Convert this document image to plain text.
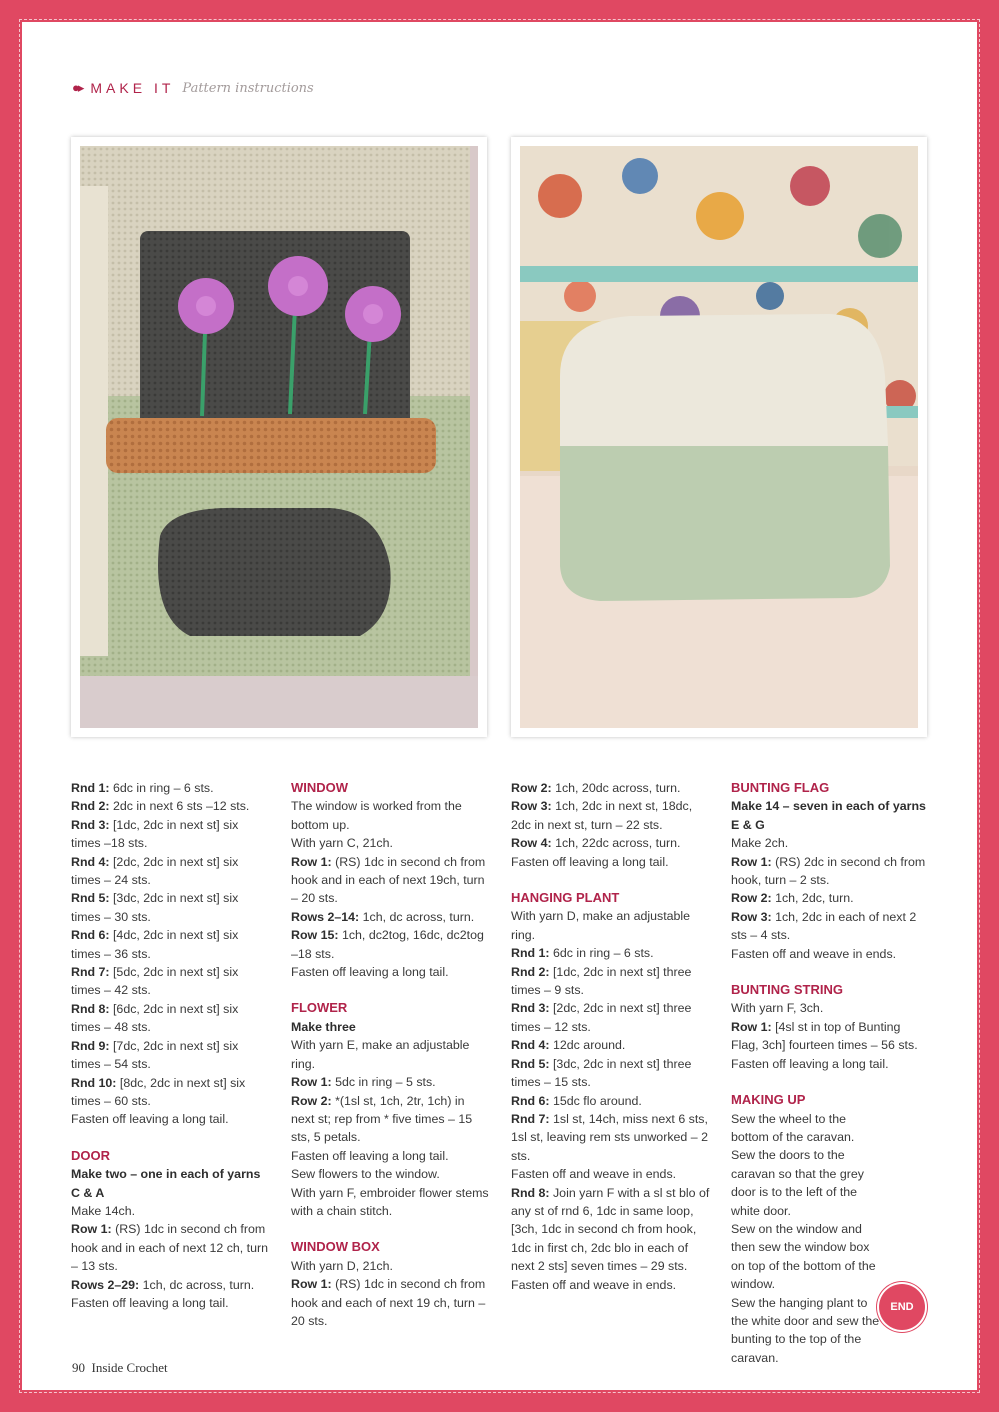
●▸ MAKE IT Pattern instructions

Rnd 1: 6dc in ring – 6 sts.

Rnd 2: 2dc in next 6 sts –12 sts.

Rnd 3: [1dc, 2dc in next st] six times –18 sts.

Rnd 4: [2dc, 2dc in next st] six times – 24 sts.

Rnd 5: [3dc, 2dc in next st] six times – 30 sts.

Rnd 6: [4dc, 2dc in next st] six times – 36 sts.

Rnd 7: [5dc, 2dc in next st] six times – 42 sts.

Rnd 8: [6dc, 2dc in next st] six times – 48 sts.

Rnd 9: [7dc, 2dc in next st] six times – 54 sts.

Rnd 10: [8dc, 2dc in next st] six times – 60 sts.

Fasten off leaving a long tail.

DOOR

Make two – one in each of yarns C & A

Make 14ch.

Row 1: (RS) 1dc in second ch from hook and in each of next 12 ch, turn – 13 sts.

Rows 2–29: 1ch, dc across, turn.

Fasten off leaving a long tail.

WINDOW

The window is worked from the bottom up.

With yarn C, 21ch.

Row 1: (RS) 1dc in second ch from hook and in each of next 19ch, turn – 20 sts.

Rows 2–14: 1ch, dc across, turn.

Row 15: 1ch, dc2tog, 16dc, dc2tog –18 sts.

Fasten off leaving a long tail.

FLOWER

Make three

With yarn E, make an adjustable ring.

Row 1: 5dc in ring – 5 sts.

Row 2: *(1sl st, 1ch, 2tr, 1ch) in next st; rep from * five times – 15 sts, 5 petals.

Fasten off leaving a long tail.

Sew flowers to the window.

With yarn F, embroider flower stems with a chain stitch.

WINDOW BOX

With yarn D, 21ch.

Row 1: (RS) 1dc in second ch from hook and each of next 19 ch, turn – 20 sts.

Row 2: 1ch, 20dc across, turn.

Row 3: 1ch, 2dc in next st, 18dc, 2dc in next st, turn – 22 sts.

Row 4: 1ch, 22dc across, turn.

Fasten off leaving a long tail.

HANGING PLANT

With yarn D, make an adjustable ring.

Rnd 1: 6dc in ring – 6 sts.

Rnd 2: [1dc, 2dc in next st] three times – 9 sts.

Rnd 3: [2dc, 2dc in next st] three times – 12 sts.

Rnd 4: 12dc around.

Rnd 5: [3dc, 2dc in next st] three times – 15 sts.

Rnd 6: 15dc flo around.

Rnd 7: 1sl st, 14ch, miss next 6 sts, 1sl st, leaving rem sts unworked – 2 sts.

Fasten off and weave in ends.

Rnd 8: Join yarn F with a sl st blo of any st of rnd 6, 1dc in same loop, [3ch, 1dc in second ch from hook, 1dc in first ch, 2dc blo in each of next 2 sts] seven times – 29 sts.

Fasten off and weave in ends.

BUNTING FLAG

Make 14 – seven in each of yarns E & G

Make 2ch.

Row 1: (RS) 2dc in second ch from hook, turn – 2 sts.

Row 2: 1ch, 2dc, turn.

Row 3: 1ch, 2dc in each of next 2 sts – 4 sts.

Fasten off and weave in ends.

BUNTING STRING

With yarn F, 3ch.

Row 1: [4sl st in top of Bunting Flag, 3ch] fourteen times – 56 sts.

Fasten off leaving a long tail.

MAKING UP

Sew the wheel to the bottom of the caravan.

Sew the doors to the caravan so that the grey door is to the left of the white door.

Sew on the window and then sew the window box on top of the bottom of the window.

Sew the hanging plant to the white door and sew the bunting to the top of the caravan.

END
90 Inside Crochet
